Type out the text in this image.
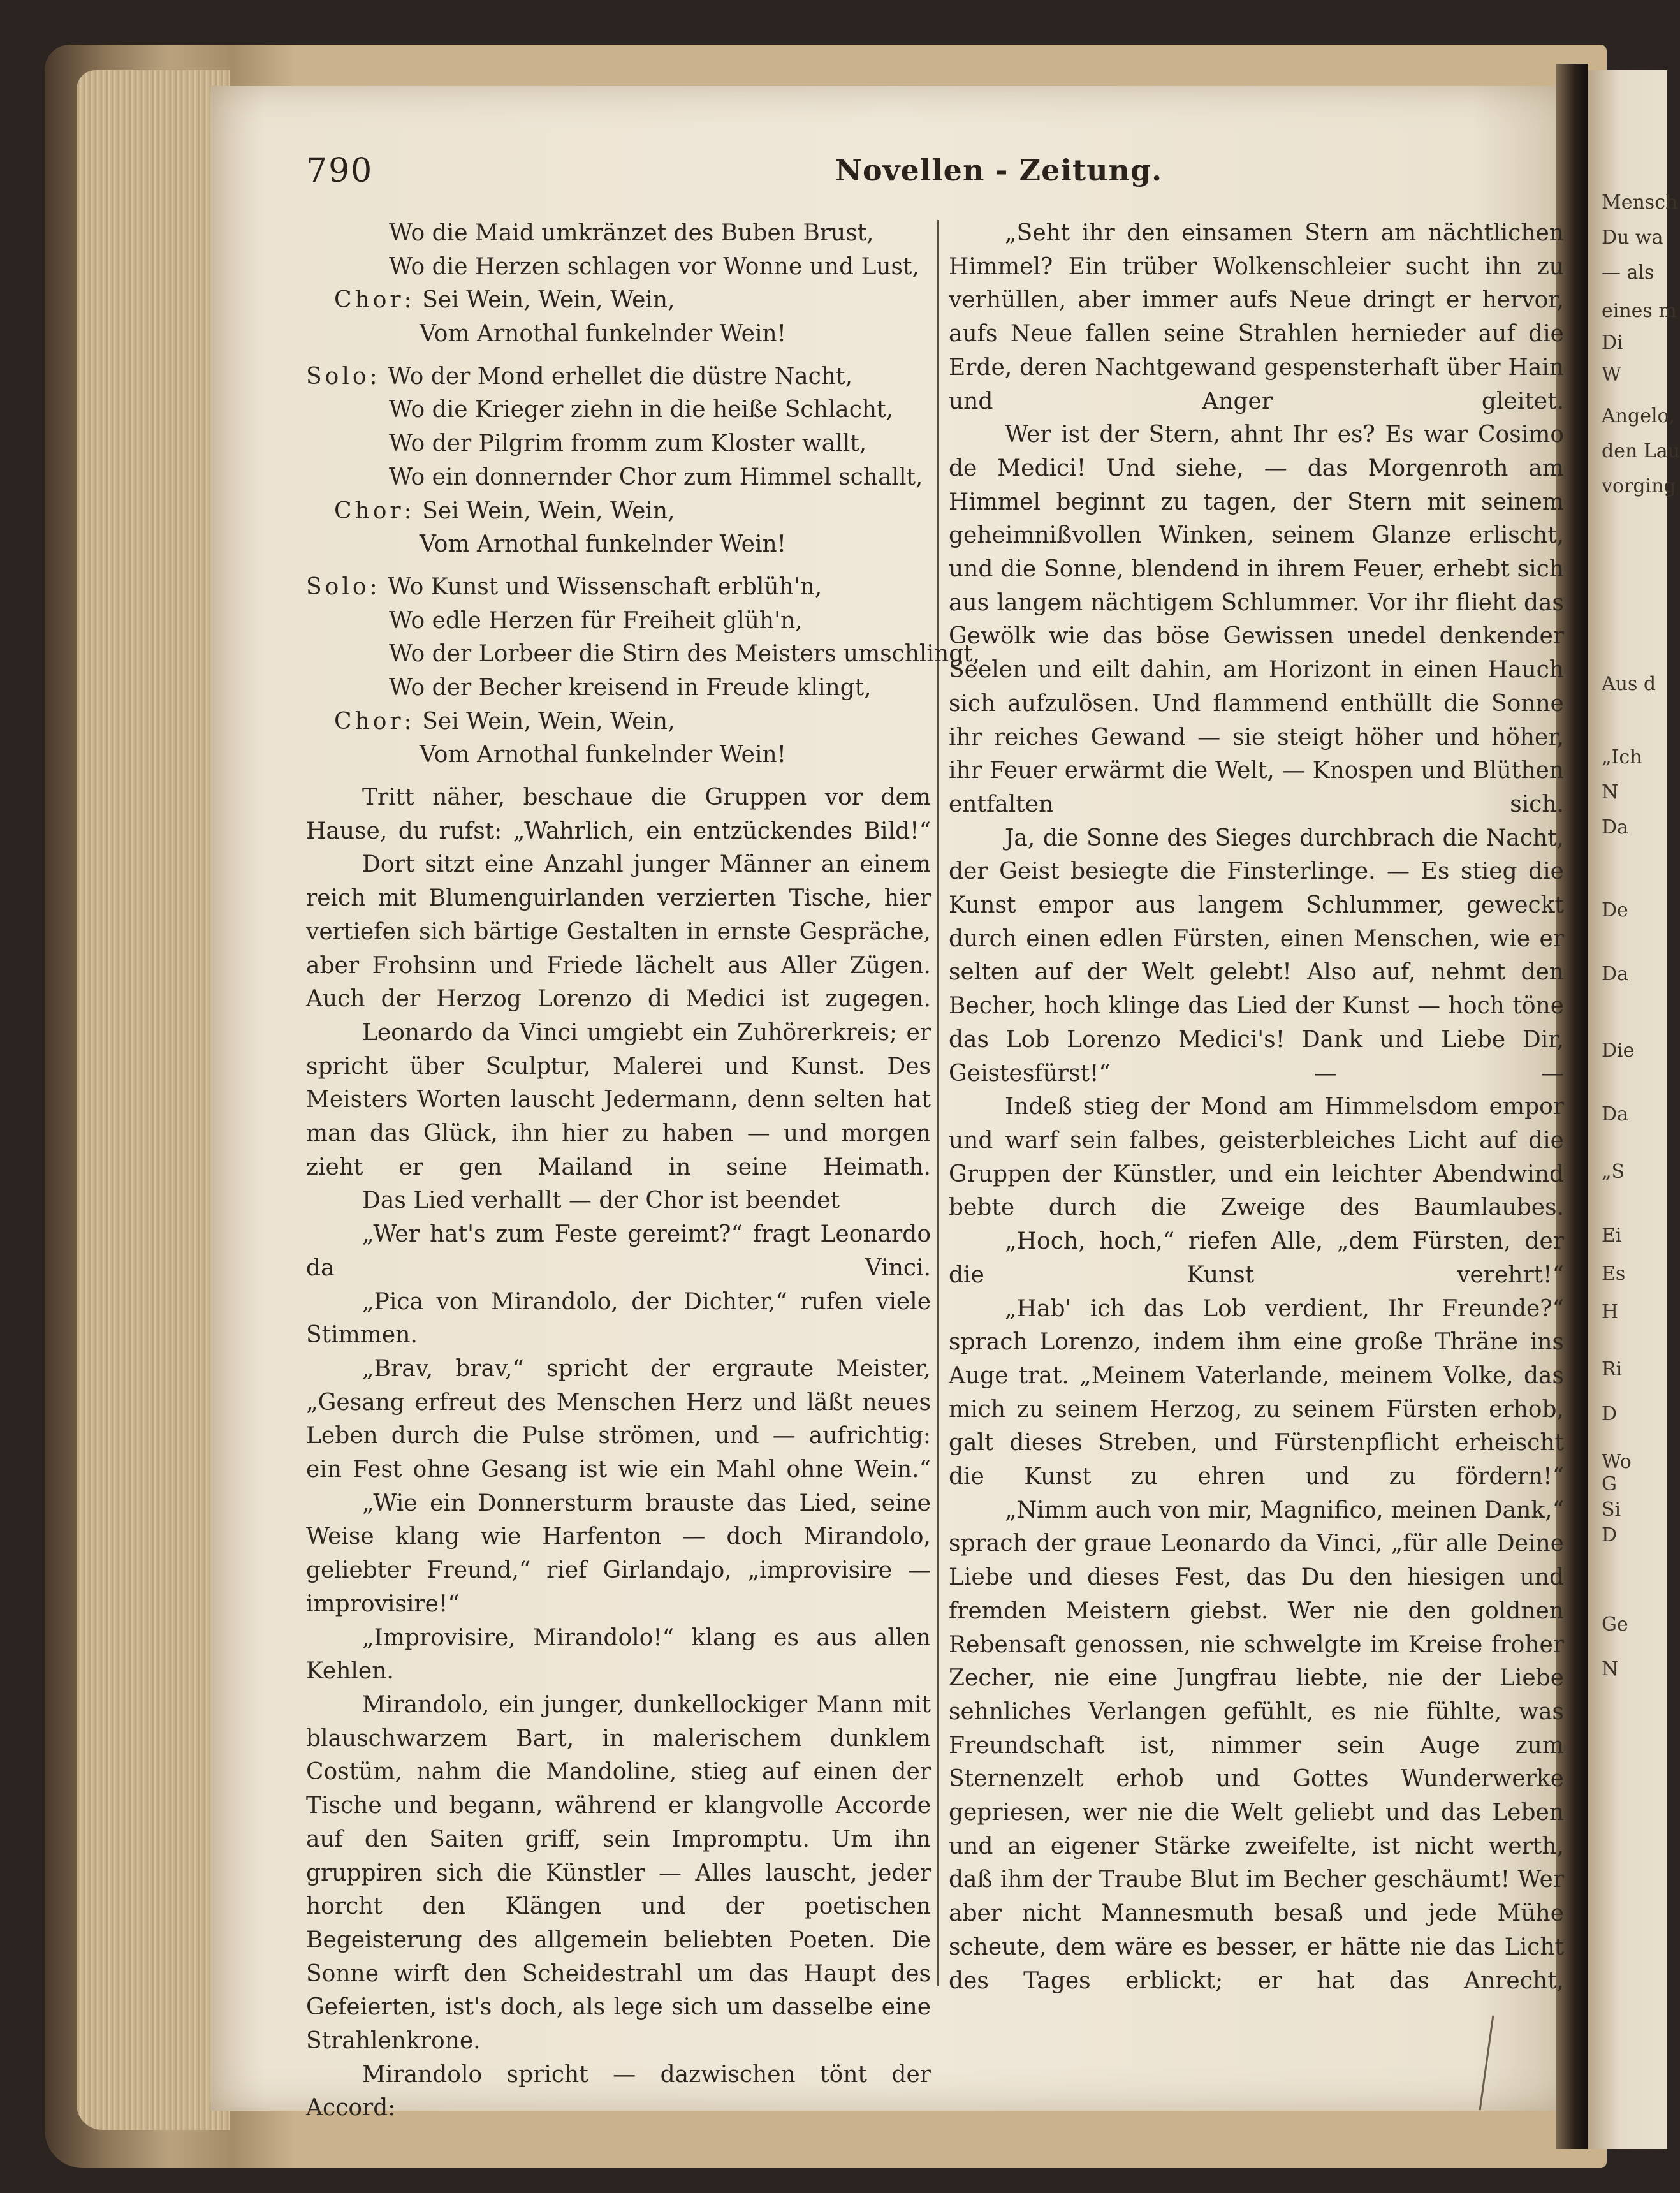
Mensch
Du wa
— als
eines m
Di
W
Angelo,
den Lau
vorging
Aus d
„Ich
N
Da
De
Da
Die
Da
„S
Ei
Es
H
Ri
D
Wo
G
Si
D
Ge
N
790	Novellen - Zeitung.
Wo die Maid umkränzet des Buben Brust,
Wo die Herzen schlagen vor Wonne und Lust,
Chor: Sei Wein, Wein, Wein,
Vom Arnothal funkelnder Wein!
Solo: Wo der Mond erhellet die düstre Nacht,
Wo die Krieger ziehn in die heiße Schlacht,
Wo der Pilgrim fromm zum Kloster wallt,
Wo ein donnernder Chor zum Himmel schallt,
Chor: Sei Wein, Wein, Wein,
Vom Arnothal funkelnder Wein!
Solo: Wo Kunst und Wissenschaft erblüh'n,
Wo edle Herzen für Freiheit glüh'n,
Wo der Lorbeer die Stirn des Meisters umschlingt,
Wo der Becher kreisend in Freude klingt,
Chor: Sei Wein, Wein, Wein,
Vom Arnothal funkelnder Wein!

Tritt näher, beschaue die Gruppen vor dem Hause, du rufst: „Wahrlich, ein entzückendes Bild!“

Dort sitzt eine Anzahl junger Männer an einem reich mit Blumenguirlanden verzierten Tische, hier vertiefen sich bärtige Gestalten in ernste Gespräche, aber Frohsinn und Friede lächelt aus Aller Zügen. Auch der Herzog Lorenzo di Medici ist zugegen.

Leonardo da Vinci umgiebt ein Zuhörerkreis; er spricht über Sculptur, Malerei und Kunst. Des Meisters Worten lauscht Jedermann, denn selten hat man das Glück, ihn hier zu haben — und morgen zieht er gen Mailand in seine Heimath.

Das Lied verhallt — der Chor ist beendet

„Wer hat's zum Feste gereimt?“ fragt Leonardo da Vinci.

„Pica von Mirandolo, der Dichter,“ rufen viele Stimmen.

„Brav, brav,“ spricht der ergraute Meister, „Gesang erfreut des Menschen Herz und läßt neues Leben durch die Pulse strömen, und — aufrichtig: ein Fest ohne Gesang ist wie ein Mahl ohne Wein.“

„Wie ein Donnersturm brauste das Lied, seine Weise klang wie Harfenton — doch Mirandolo, geliebter Freund,“ rief Girlandajo, „improvisire — improvisire!“

„Improvisire, Mirandolo!“ klang es aus allen Kehlen.

Mirandolo, ein junger, dunkellockiger Mann mit blauschwarzem Bart, in malerischem dunklem Costüm, nahm die Mandoline, stieg auf einen der Tische und begann, während er klangvolle Accorde auf den Saiten griff, sein Impromptu. Um ihn gruppiren sich die Künstler — Alles lauscht, jeder horcht den Klängen und der poetischen Begeisterung des allgemein beliebten Poeten. Die Sonne wirft den Scheidestrahl um das Haupt des Gefeierten, ist's doch, als lege sich um dasselbe eine Strahlenkrone.

Mirandolo spricht — dazwischen tönt der Accord:

„Seht ihr den einsamen Stern am nächtlichen Himmel? Ein trüber Wolkenschleier sucht ihn zu verhüllen, aber immer aufs Neue dringt er hervor, aufs Neue fallen seine Strahlen hernieder auf die Erde, deren Nachtgewand gespensterhaft über Hain und Anger gleitet.

Wer ist der Stern, ahnt Ihr es? Es war Cosimo de Medici! Und siehe, — das Morgenroth am Himmel beginnt zu tagen, der Stern mit seinem geheimnißvollen Winken, seinem Glanze erlischt, und die Sonne, blendend in ihrem Feuer, erhebt sich aus langem nächtigem Schlummer. Vor ihr flieht das Gewölk wie das böse Gewissen unedel denkender Seelen und eilt dahin, am Horizont in einen Hauch sich aufzulösen. Und flammend enthüllt die Sonne ihr reiches Gewand — sie steigt höher und höher, ihr Feuer erwärmt die Welt, — Knospen und Blüthen entfalten sich.

Ja, die Sonne des Sieges durchbrach die Nacht, der Geist besiegte die Finsterlinge. — Es stieg die Kunst empor aus langem Schlummer, geweckt durch einen edlen Fürsten, einen Menschen, wie er selten auf der Welt gelebt! Also auf, nehmt den Becher, hoch klinge das Lied der Kunst — hoch töne das Lob Lorenzo Medici's! Dank und Liebe Dir, Geistesfürst!“ — —

Indeß stieg der Mond am Himmelsdom empor und warf sein falbes, geisterbleiches Licht auf die Gruppen der Künstler, und ein leichter Abendwind bebte durch die Zweige des Baumlaubes.

„Hoch, hoch,“ riefen Alle, „dem Fürsten, der die Kunst verehrt!“

„Hab' ich das Lob verdient, Ihr Freunde?“ sprach Lorenzo, indem ihm eine große Thräne ins Auge trat. „Meinem Vaterlande, meinem Volke, das mich zu seinem Herzog, zu seinem Fürsten erhob, galt dieses Streben, und Fürstenpflicht erheischt die Kunst zu ehren und zu fördern!“

„Nimm auch von mir, Magnifico, meinen Dank,“ sprach der graue Leonardo da Vinci, „für alle Deine Liebe und dieses Fest, das Du den hiesigen und fremden Meistern giebst. Wer nie den goldnen Rebensaft genossen, nie schwelgte im Kreise froher Zecher, nie eine Jungfrau liebte, nie der Liebe sehnliches Verlangen gefühlt, es nie fühlte, was Freundschaft ist, nimmer sein Auge zum Sternenzelt erhob und Gottes Wunderwerke gepriesen, wer nie die Welt geliebt und das Leben und an eigener Stärke zweifelte, ist nicht werth, daß ihm der Traube Blut im Becher geschäumt! Wer aber nicht Mannesmuth besaß und jede Mühe scheute, dem wäre es besser, er hätte nie das Licht des Tages erblickt; er hat das Anrecht,
